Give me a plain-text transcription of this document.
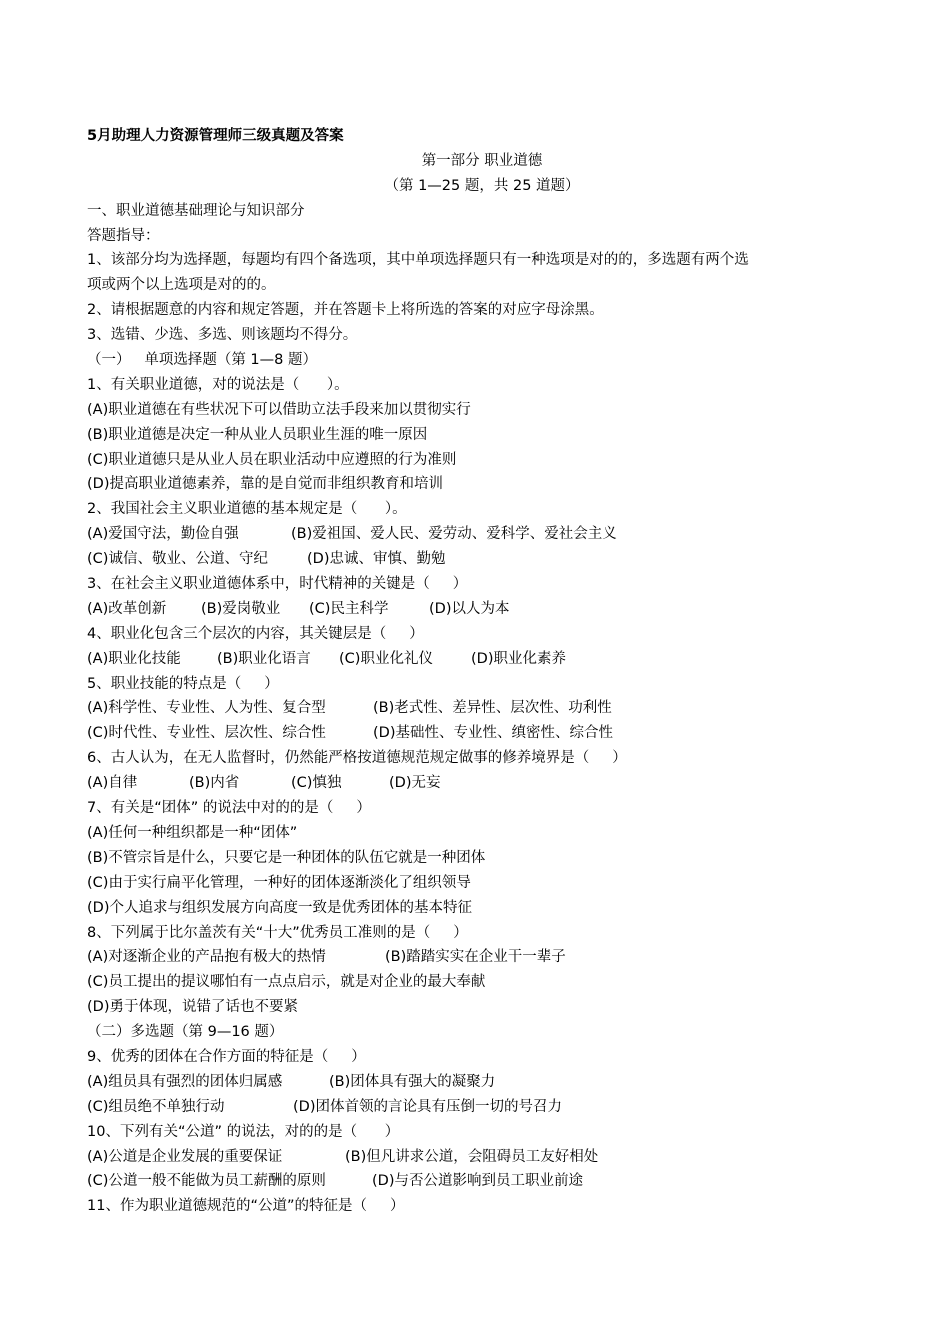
5月助理人力资源管理师三级真题及答案
第一部分 职业道德
（第 1—25 题，共 25 道题）
一、职业道德基础理论与知识部分
答题指导：
1、该部分均为选择题，每题均有四个备选项，其中单项选择题只有一种选项是对的的，多选题有两个选
项或两个以上选项是对的的。
2、请根据题意的内容和规定答题，并在答题卡上将所选的答案的对应字母涂黑。
3、选错、少选、多选、则该题均不得分。
（一）   单项选择题（第 1—8 题）
1、有关职业道德，对的说法是（      ）。
(A)职业道德在有些状况下可以借助立法手段来加以贯彻实行
(B)职业道德是决定一种从业人员职业生涯的唯一原因
(C)职业道德只是从业人员在职业活动中应遵照的行为准则
(D)提高职业道德素养，靠的是自觉而非组织教育和培训
2、我国社会主义职业道德的基本规定是（      ）。
(A)爱国守法，勤俭自强	(B)爱祖国、爱人民、爱劳动、爱科学、爱社会主义
(C)诚信、敬业、公道、守纪	(D)忠诚、审慎、勤勉
3、在社会主义职业道德体系中，时代精神的关键是（     ）
(A)改革创新	(B)爱岗敬业	(C)民主科学	(D)以人为本
4、职业化包含三个层次的内容，其关键层是（     ）
(A)职业化技能	(B)职业化语言	(C)职业化礼仪	(D)职业化素养
5、职业技能的特点是（     ）
(A)科学性、专业性、人为性、复合型	(B)老式性、差异性、层次性、功利性
(C)时代性、专业性、层次性、综合性	(D)基础性、专业性、缜密性、综合性
6、古人认为，在无人监督时，仍然能严格按道德规范规定做事的修养境界是（     ）
(A)自律	(B)内省	(C)慎独	(D)无妄
7、有关是“团体” 的说法中对的的是（     ）
(A)任何一种组织都是一种“团体”
(B)不管宗旨是什么，只要它是一种团体的队伍它就是一种团体
(C)由于实行扁平化管理，一种好的团体逐渐淡化了组织领导
(D)个人追求与组织发展方向高度一致是优秀团体的基本特征
8、下列属于比尔盖茨有关“十大”优秀员工准则的是（     ）
(A)对逐渐企业的产品抱有极大的热情	(B)踏踏实实在企业干一辈子
(C)员工提出的提议哪怕有一点点启示，就是对企业的最大奉献
(D)勇于体现，说错了话也不要紧
（二）多选题（第 9—16 题）
9、优秀的团体在合作方面的特征是（     ）
(A)组员具有强烈的团体归属感	(B)团体具有强大的凝聚力
(C)组员绝不单独行动	(D)团体首领的言论具有压倒一切的号召力
10、下列有关“公道” 的说法，对的的是（      ）
(A)公道是企业发展的重要保证	(B)但凡讲求公道，会阻碍员工友好相处
(C)公道一般不能做为员工薪酬的原则	(D)与否公道影响到员工职业前途
11、作为职业道德规范的“公道”的特征是（     ）
